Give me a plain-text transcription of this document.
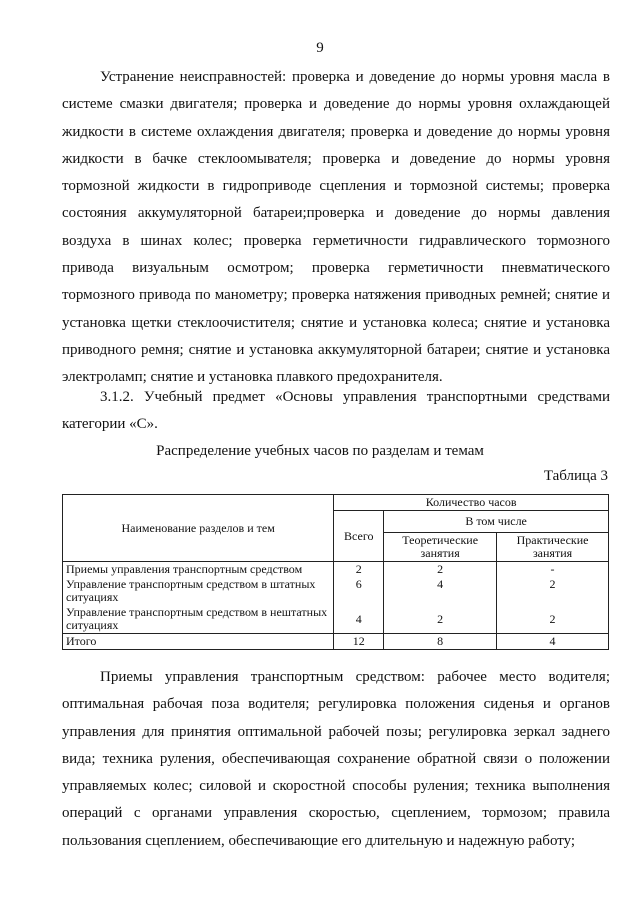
9

Устранение неисправностей: проверка и доведение до нормы уровня масла в системе смазки двигателя; проверка и доведение до нормы уровня охлаждающей жидкости в системе охлаждения двигателя; проверка и доведение до нормы уровня жидкости в бачке стеклоомывателя; проверка и доведение до нормы уровня тормозной жидкости в гидроприводе сцепления и тормозной системы; проверка состояния аккумуляторной батареи;проверка и доведение до нормы давления воздуха в шинах колес; проверка герметичности гидравлического тормозного привода визуальным осмотром; проверка герметичности пневматического тормозного привода по манометру; проверка натяжения приводных ремней; снятие и установка щетки стеклоочистителя; снятие и установка колеса; снятие и установка приводного ремня; снятие и установка аккумуляторной батареи; снятие и установка электроламп; снятие и установка плавкого предохранителя.

3.1.2. Учебный предмет «Основы управления транспортными средствами категории «С».

Распределение учебных часов по разделам и темам
Таблица 3
Наименование разделов и тем	Количество часов		
	Всего	В том числе	
		Теоретические занятия	Практические занятия
Приемы управления транспортным средством	2	2	-
Управление транспортным средством в штатных ситуациях	6	4	2
Управление транспортным средством в нештатных ситуациях	4	2	2
Итого	12	8	4

Приемы управления транспортным средством: рабочее место водителя; оптимальная рабочая поза водителя; регулировка положения сиденья и органов управления для принятия оптимальной рабочей позы; регулировка зеркал заднего вида; техника руления, обеспечивающая сохранение обратной связи о положении управляемых колес; силовой и скоростной способы руления; техника выполнения операций с органами управления скоростью, сцеплением, тормозом; правила пользования сцеплением, обеспечивающие его длительную и надежную работу;
